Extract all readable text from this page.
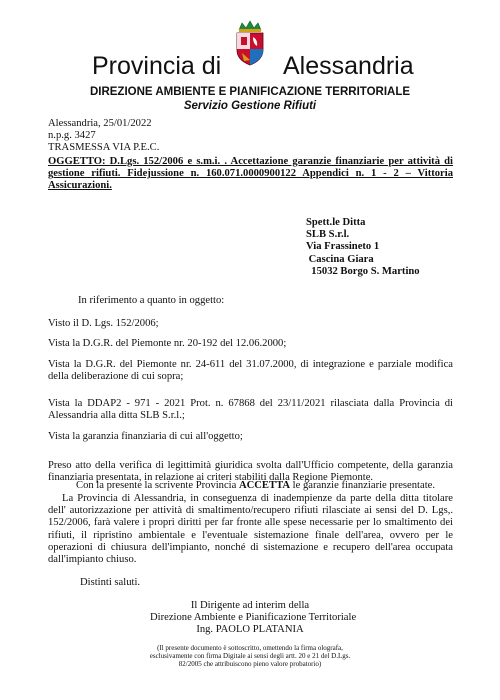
Provincia di Alessandria
DIREZIONE AMBIENTE E PIANIFICAZIONE TERRITORIALE
Servizio Gestione Rifiuti
Alessandria, 25/01/2022
n.p.g. 3427
TRASMESSA VIA P.E.C.
OGGETTO: D.Lgs. 152/2006 e s.m.i. . Accettazione garanzie finanziarie per attività di gestione rifiuti. Fidejussione n. 160.071.0000900122 Appendici n. 1 - 2 – Vittoria Assicurazioni.
Spett.le Ditta
SLB S.r.l.
Via Frassineto 1
Cascina Giara
15032 Borgo S. Martino
In riferimento a quanto in oggetto:
Visto il D. Lgs. 152/2006;
Vista la D.G.R. del Piemonte nr. 20-192 del 12.06.2000;
Vista la D.G.R. del Piemonte nr. 24-611 del 31.07.2000, di integrazione e parziale modifica della deliberazione di cui sopra;
Vista la DDAP2 - 971 - 2021 Prot. n. 67868 del 23/11/2021 rilasciata dalla Provincia di Alessandria alla ditta SLB S.r.l.;
Vista la garanzia finanziaria di cui all'oggetto;
Preso atto della verifica di legittimità giuridica svolta dall'Ufficio competente, della garanzia finanziaria presentata, in relazione ai criteri stabiliti dalla Regione Piemonte.
Con la presente la scrivente Provincia ACCETTA le garanzie finanziarie presentate.
La Provincia di Alessandria, in conseguenza di inadempienze da parte della ditta titolare dell' autorizzazione per attività di smaltimento/recupero rifiuti rilasciate ai sensi del D. Lgs,. 152/2006, farà valere i propri diritti per far fronte alle spese necessarie per lo smaltimento dei rifiuti, il ripristino ambientale e l'eventuale sistemazione finale dell'area, ovvero per le operazioni di chiusura dell'impianto, nonché di sistemazione e recupero dell'area occupata dall'impianto chiuso.
Distinti saluti.
Il Dirigente ad interim della
Direzione Ambiente e Pianificazione Territoriale
Ing. PAOLO PLATANIA
(Il presente documento è sottoscritto, omettendo la firma olografa, esclusivamente con firma Digitale ai sensi degli artt. 20 e 21 del D.Lgs. 82/2005 che attribuiscono pieno valore probatorio)
